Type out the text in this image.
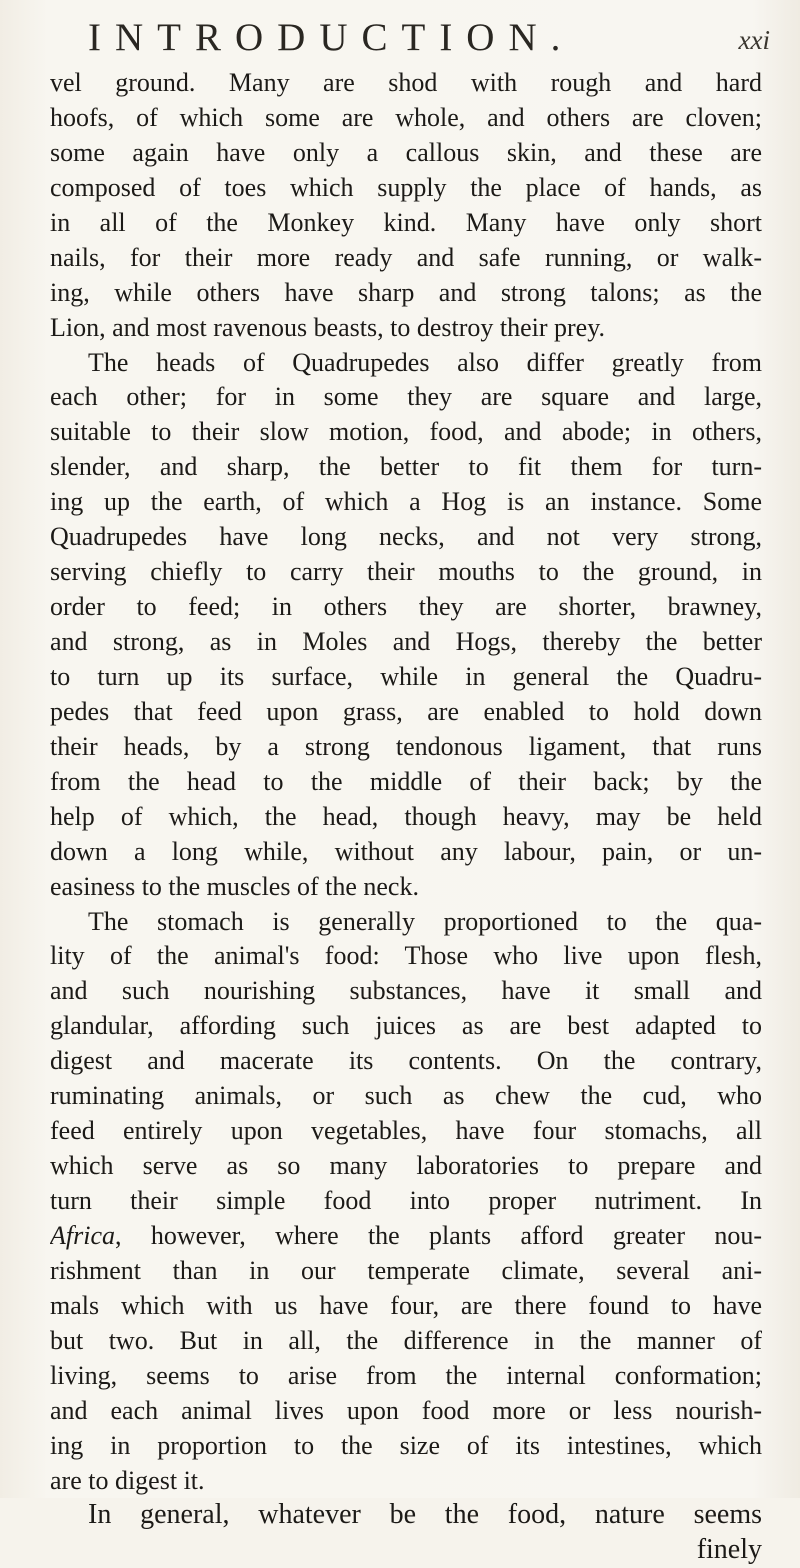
INTRODUCTION.	xxi
vel ground. Many are shod with rough and hard
hoofs, of which some are whole, and others are cloven;
some again have only a callous skin, and these are
composed of toes which supply the place of hands, as
in all of the Monkey kind. Many have only short
nails, for their more ready and safe running, or walk-
ing, while others have sharp and strong talons; as the
Lion, and most ravenous beasts, to destroy their prey.
The heads of Quadrupedes also differ greatly from
each other; for in some they are square and large,
suitable to their slow motion, food, and abode; in others,
slender, and sharp, the better to fit them for turn-
ing up the earth, of which a Hog is an instance. Some
Quadrupedes have long necks, and not very strong,
serving chiefly to carry their mouths to the ground, in
order to feed; in others they are shorter, brawney,
and strong, as in Moles and Hogs, thereby the better
to turn up its surface, while in general the Quadru-
pedes that feed upon grass, are enabled to hold down
their heads, by a strong tendonous ligament, that runs
from the head to the middle of their back; by the
help of which, the head, though heavy, may be held
down a long while, without any labour, pain, or un-
easiness to the muscles of the neck.
The stomach is generally proportioned to the qua-
lity of the animal's food: Those who live upon flesh,
and such nourishing substances, have it small and
glandular, affording such juices as are best adapted to
digest and macerate its contents. On the contrary,
ruminating animals, or such as chew the cud, who
feed entirely upon vegetables, have four stomachs, all
which serve as so many laboratories to prepare and
turn their simple food into proper nutriment. In
Africa, however, where the plants afford greater nou-
rishment than in our temperate climate, several ani-
mals which with us have four, are there found to have
but two. But in all, the difference in the manner of
living, seems to arise from the internal conformation;
and each animal lives upon food more or less nourish-
ing in proportion to the size of its intestines, which
are to digest it.
In general, whatever be the food, nature seems
finely
